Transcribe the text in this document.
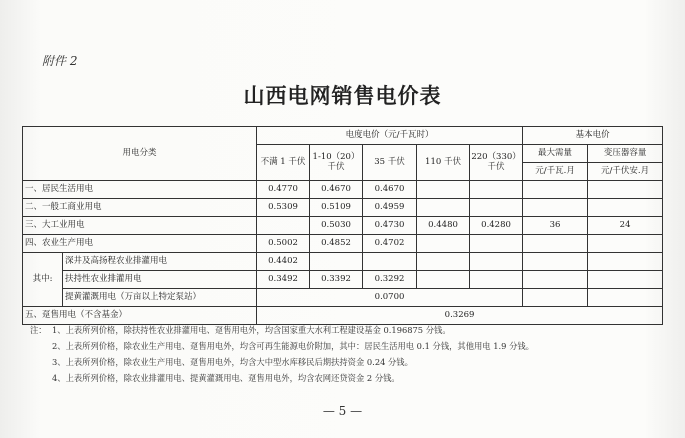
附件 2
山西电网销售电价表
用电分类		电度电价（元/千瓦时）					基本电价	
		不满 1 千伏	1-10（20）千伏	35 千伏	110 千伏	220（330）千伏	最大需量	变压器容量
							元/千瓦.月	元/千伏安.月
一、居民生活用电		0.4770	0.4670	0.4670				
二、一般工商业用电		0.5309	0.5109	0.4959				
三、大工业用电			0.5030	0.4730	0.4480	0.4280	36	24
四、农业生产用电		0.5002	0.4852	0.4702				
其中:	深井及高扬程农业排灌用电	0.4402						
	扶持性农业排灌用电	0.3492	0.3392	0.3292				
	提黄灌溉用电（万亩以上特定泵站）	0.0700						
五、趸售用电（不含基金）		0.3269						
注： 1、上表所列价格，除扶持性农业排灌用电、趸售用电外，均含国家重大水利工程建设基金 0.196875 分钱。
2、上表所列价格，除农业生产用电、趸售用电外，均含可再生能源电价附加，其中：居民生活用电 0.1 分钱，其他用电 1.9 分钱。
3、上表所列价格，除农业生产用电、趸售用电外，均含大中型水库移民后期扶持资金 0.24 分钱。
4、上表所列价格，除农业排灌用电、提黄灌溉用电、趸售用电外，均含农网还贷资金 2 分钱。
— 5 —
